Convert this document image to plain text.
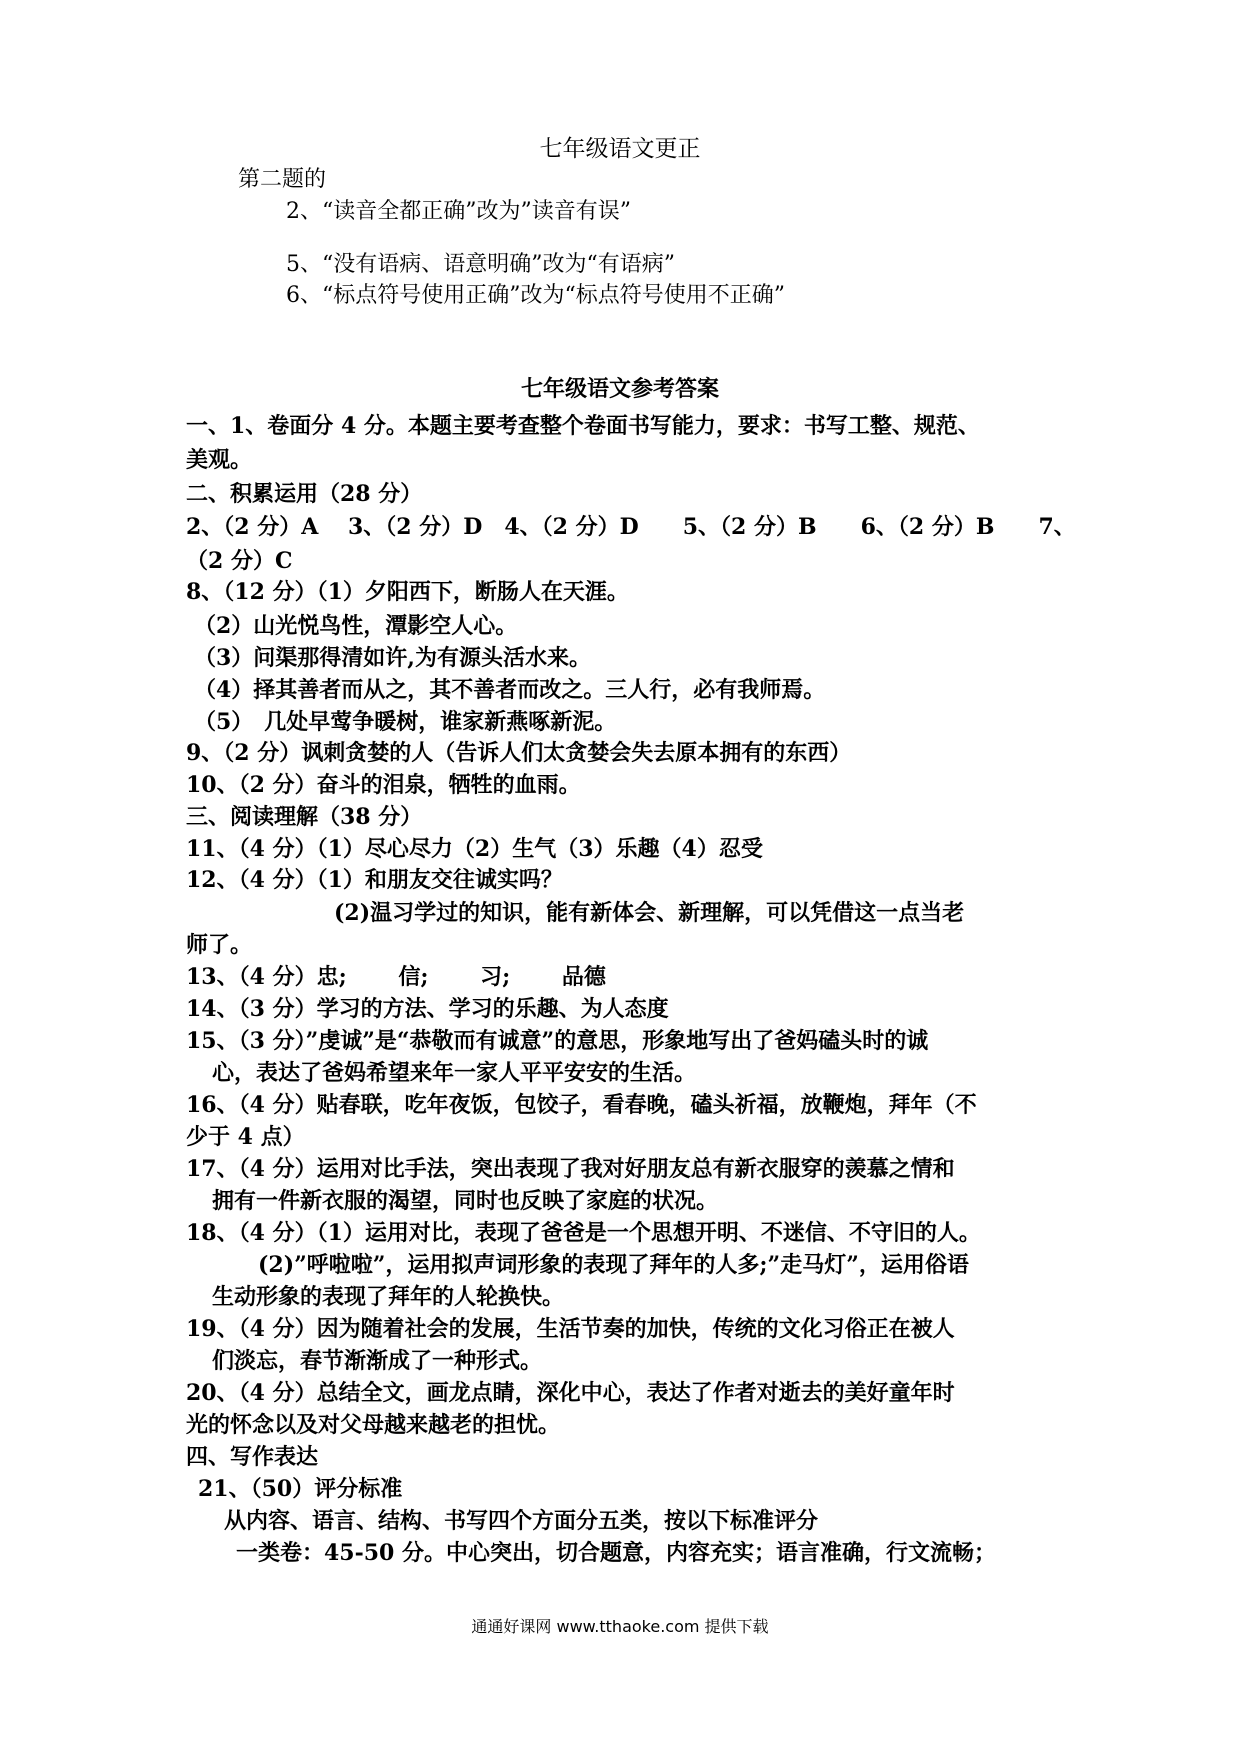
七年级语文更正
第二题的
2、“读音全都正确”改为”读音有误”
5、“没有语病、语意明确”改为“有语病”
6、“标点符号使用正确”改为“标点符号使用不正确”
七年级语文参考答案
一、1、卷面分 4 分。本题主要考查整个卷面书写能力，要求：书写工整、规范、
美观。
二、积累运用（28 分）
2、（2 分）A　 3、（2 分）D　4、（2 分）D　　5、（2 分）B　　6、（2 分）B　　7、
（2 分）C
8、（12 分）（1）夕阳西下，断肠人在天涯。
（2）山光悦鸟性，潭影空人心。
（3）问渠那得清如许,为有源头活水来。
（4）择其善者而从之，其不善者而改之。三人行，必有我师焉。
（5）　几处早莺争暖树，谁家新燕啄新泥。
9、（2 分）讽刺贪婪的人（告诉人们太贪婪会失去原本拥有的东西）
10、（2 分）奋斗的泪泉，牺牲的血雨。
三、阅读理解（38 分）
11、（4 分）（1）尽心尽力（2）生气（3）乐趣（4）忍受
12、（4 分）（1）和朋友交往诚实吗？
(2)温习学过的知识，能有新体会、新理解，可以凭借这一点当老
师了。
13、（4 分）忠;　　 信;　　 习;　　 品德
14、（3 分）学习的方法、学习的乐趣、为人态度
15、（3 分）”虔诚”是“恭敬而有诚意”的意思，形象地写出了爸妈磕头时的诚
心，表达了爸妈希望来年一家人平平安安的生活。
16、（4 分）贴春联，吃年夜饭，包饺子，看春晚，磕头祈福，放鞭炮，拜年（不
少于 4 点）
17、（4 分）运用对比手法，突出表现了我对好朋友总有新衣服穿的羡慕之情和
拥有一件新衣服的渴望，同时也反映了家庭的状况。
18、（4 分）（1）运用对比，表现了爸爸是一个思想开明、不迷信、不守旧的人。
(2)”呼啦啦”，运用拟声词形象的表现了拜年的人多;”走马灯”，运用俗语
生动形象的表现了拜年的人轮换快。
19、（4 分）因为随着社会的发展，生活节奏的加快，传统的文化习俗正在被人
们淡忘，春节渐渐成了一种形式。
20、（4 分）总结全文，画龙点睛，深化中心，表达了作者对逝去的美好童年时
光的怀念以及对父母越来越老的担忧。
四、写作表达
21、（50）评分标准
从内容、语言、结构、书写四个方面分五类，按以下标准评分
一类卷：45-50 分。中心突出，切合题意，内容充实；语言准确，行文流畅；
通通好课网 www.tthaoke.com 提供下载
